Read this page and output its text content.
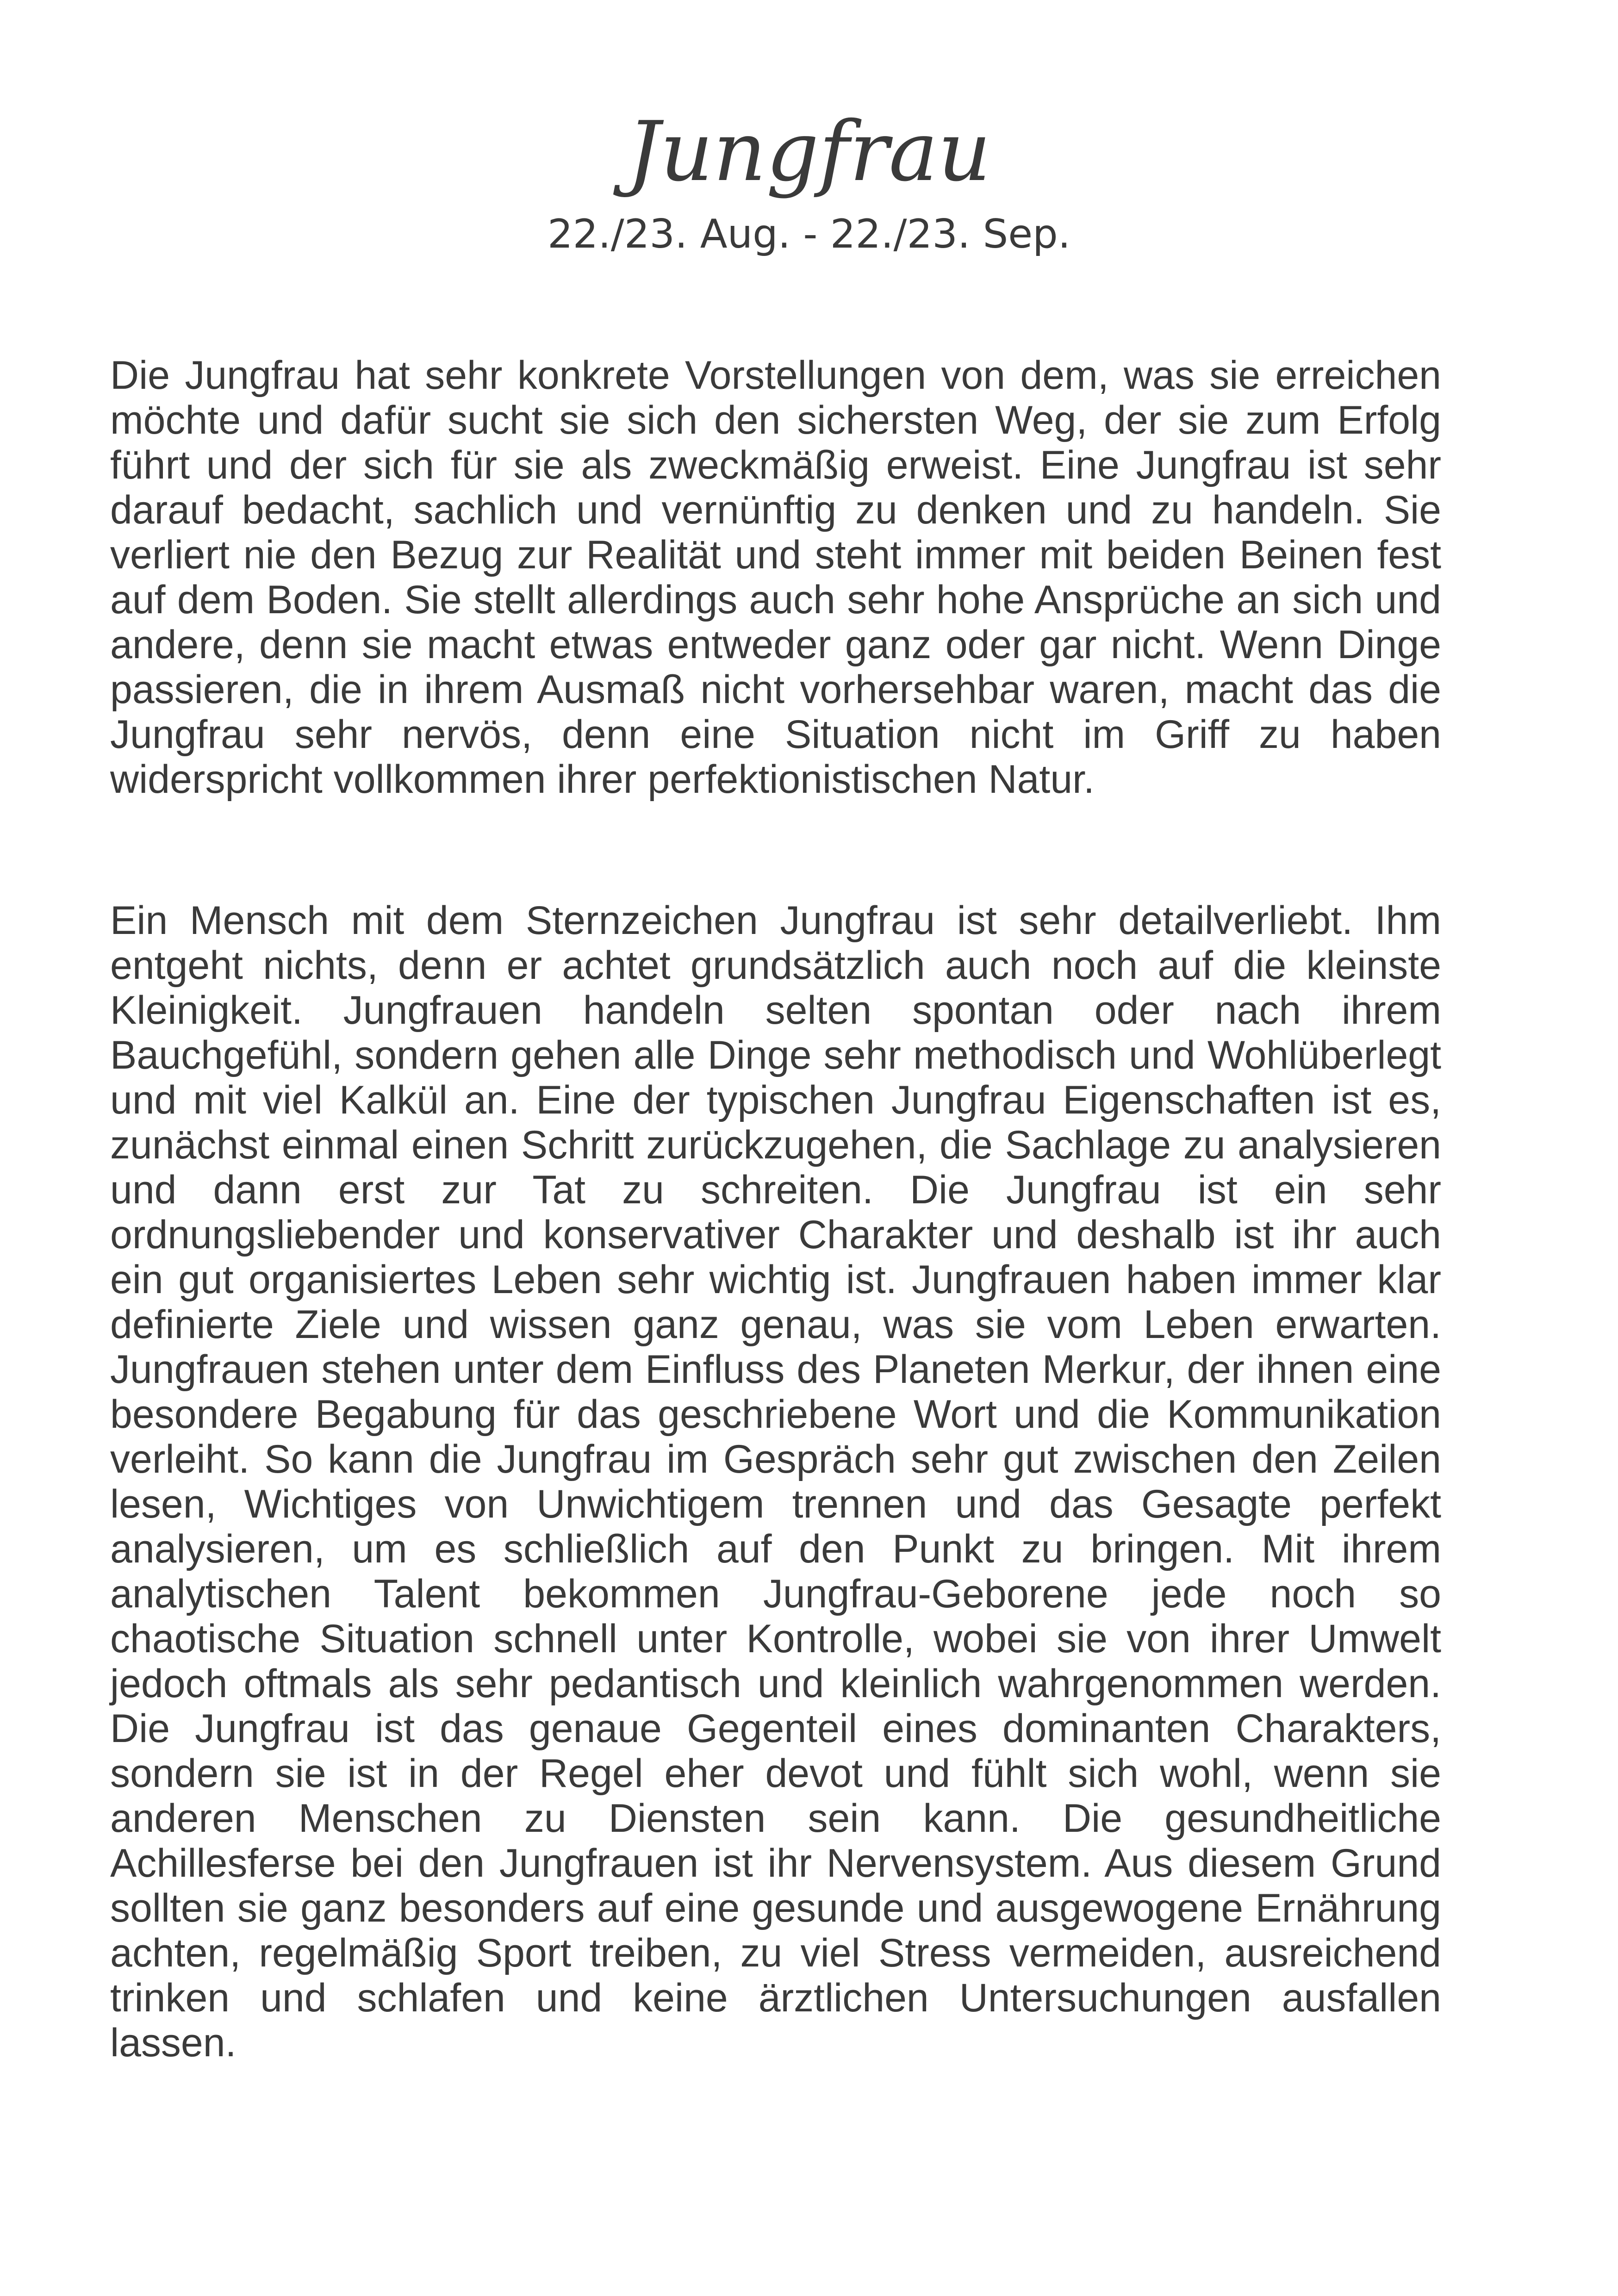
Jungfrau
22./23. Aug. - 22./23. Sep.

Die Jungfrau hat sehr konkrete Vorstellungen von dem, was sie erreichen möchte und dafür sucht sie sich den sichersten Weg, der sie zum Erfolg führt und der sich für sie als zweckmäßig erweist. Eine Jungfrau ist sehr darauf bedacht, sachlich und vernünftig zu denken und zu handeln. Sie verliert nie den Bezug zur Realität und steht immer mit beiden Beinen fest auf dem Boden. Sie stellt allerdings auch sehr hohe Ansprüche an sich und andere, denn sie macht etwas entweder ganz oder gar nicht. Wenn Dinge passieren, die in ihrem Ausmaß nicht vorhersehbar waren, macht das die Jungfrau sehr nervös, denn eine Situation nicht im Griff zu haben widerspricht vollkommen ihrer perfektionistischen Natur.

Ein Mensch mit dem Sternzeichen Jungfrau ist sehr detailverliebt. Ihm entgeht nichts, denn er achtet grundsätzlich auch noch auf die kleinste Kleinigkeit. Jungfrauen handeln selten spontan oder nach ihrem Bauchgefühl, sondern gehen alle Dinge sehr methodisch und Wohlüberlegt und mit viel Kalkül an. Eine der typischen Jungfrau Eigenschaften ist es, zunächst einmal einen Schritt zurückzugehen, die Sachlage zu analysieren und dann erst zur Tat zu schreiten. Die Jungfrau ist ein sehr ordnungsliebender und konservativer Charakter und deshalb ist ihr auch ein gut organisiertes Leben sehr wichtig ist. Jungfrauen haben immer klar definierte Ziele und wissen ganz genau, was sie vom Leben erwarten. Jungfrauen stehen unter dem Einfluss des Planeten Merkur, der ihnen eine besondere Begabung für das geschriebene Wort und die Kommunikation verleiht. So kann die Jungfrau im Gespräch sehr gut zwischen den Zeilen lesen, Wichtiges von Unwichtigem trennen und das Gesagte perfekt analysieren, um es schließlich auf den Punkt zu bringen. Mit ihrem analytischen Talent bekommen Jungfrau-Geborene jede noch so chaotische Situation schnell unter Kontrolle, wobei sie von ihrer Umwelt jedoch oftmals als sehr pedantisch und kleinlich wahrgenommen werden. Die Jungfrau ist das genaue Gegenteil eines dominanten Charakters, sondern sie ist in der Regel eher devot und fühlt sich wohl, wenn sie anderen Menschen zu Diensten sein kann. Die gesundheitliche Achillesferse bei den Jungfrauen ist ihr Nervensystem. Aus diesem Grund sollten sie ganz besonders auf eine gesunde und ausgewogene Ernährung achten, regelmäßig Sport treiben, zu viel Stress vermeiden, ausreichend trinken und schlafen und keine ärztlichen Untersuchungen ausfallen lassen.
